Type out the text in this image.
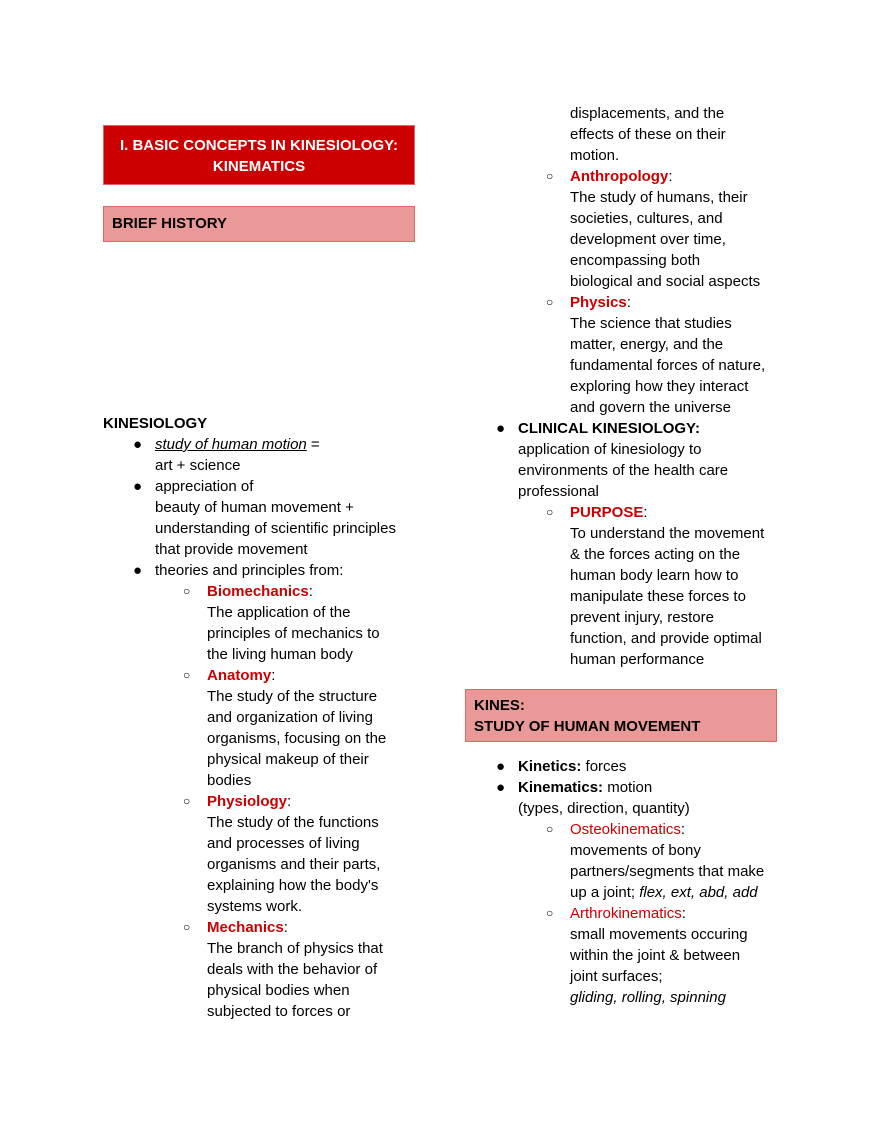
I. BASIC CONCEPTS IN KINESIOLOGY:
KINEMATICS
BRIEF HISTORY
KINESIOLOGY
● study of human motion =
art + science
● appreciation of
beauty of human movement +
understanding of scientific principles
that provide movement
● theories and principles from:
○ Biomechanics:
The application of the
principles of mechanics to
the living human body
○ Anatomy:
The study of the structure
and organization of living
organisms, focusing on the
physical makeup of their
bodies
○ Physiology:
The study of the functions
and processes of living
organisms and their parts,
explaining how the body's
systems work.
○ Mechanics:
The branch of physics that
deals with the behavior of
physical bodies when
subjected to forces or
displacements, and the
effects of these on their
motion.
○ Anthropology:
The study of humans, their
societies, cultures, and
development over time,
encompassing both
biological and social aspects
○ Physics:
The science that studies
matter, energy, and the
fundamental forces of nature,
exploring how they interact
and govern the universe
● CLINICAL KINESIOLOGY:
application of kinesiology to
environments of the health care
professional
○ PURPOSE:
To understand the movement
& the forces acting on the
human body learn how to
manipulate these forces to
prevent injury, restore
function, and provide optimal
human performance
KINES:
STUDY OF HUMAN MOVEMENT
● Kinetics: forces
● Kinematics: motion
(types, direction, quantity)
○ Osteokinematics:
movements of bony
partners/segments that make
up a joint; flex, ext, abd, add
○ Arthrokinematics:
small movements occuring
within the joint & between
joint surfaces;
gliding, rolling, spinning
